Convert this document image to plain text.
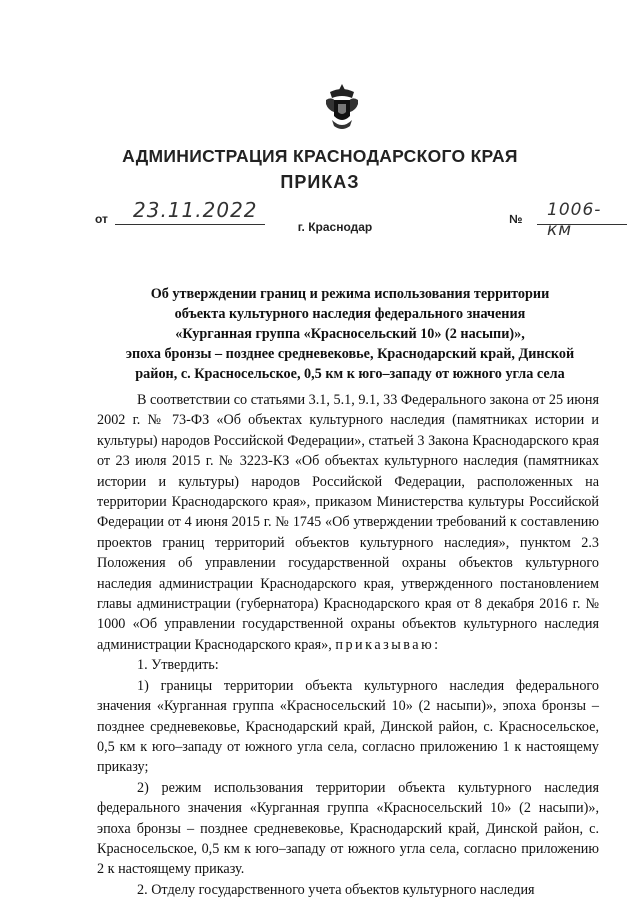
АДМИНИСТРАЦИЯ КРАСНОДАРСКОГО КРАЯ
ПРИКАЗ
от 23.11.2022	№ 1006-км
г. Краснодар
Об утверждении границ и режима использования территории
объекта культурного наследия федерального значения
«Курганная группа «Красносельский 10» (2 насыпи)»,
эпоха бронзы – позднее средневековье, Краснодарский край, Динской
район, с. Красносельское, 0,5 км к юго–западу от южного угла села

В соответствии со статьями 3.1, 5.1, 9.1, 33 Федерального закона от 25 июня 2002 г. № 73-ФЗ «Об объектах культурного наследия (памятниках истории и культуры) народов Российской Федерации», статьей 3 Закона Краснодарского края от 23 июля 2015 г. № 3223-КЗ «Об объектах культурного наследия (памятниках истории и культуры) народов Российской Федерации, расположенных на территории Краснодарского края», приказом Министерства культуры Российской Федерации от 4 июня 2015 г. № 1745 «Об утверждении требований к составлению проектов границ территорий объектов культурного наследия», пунктом 2.3 Положения об управлении государственной охраны объектов культурного наследия администрации Краснодарского края, утвержденного постановлением главы администрации (губернатора) Краснодарского края от 8 декабря 2016 г. № 1000 «Об управлении государственной охраны объектов культурного наследия администрации Краснодарского края», приказываю:

1. Утвердить:

1) границы территории объекта культурного наследия федерального значения «Курганная группа «Красносельский 10» (2 насыпи)», эпоха бронзы – позднее средневековье, Краснодарский край, Динской район, с. Красносельское, 0,5 км к юго–западу от южного угла села, согласно приложению 1 к настоящему приказу;

2) режим использования территории объекта культурного наследия федерального значения «Курганная группа «Красносельский 10» (2 насыпи)», эпоха бронзы – позднее средневековье, Краснодарский край, Динской район, с. Красносельское, 0,5 км к юго–западу от южного угла села, согласно приложению 2 к настоящему приказу.

2. Отделу государственного учета объектов культурного наследия
